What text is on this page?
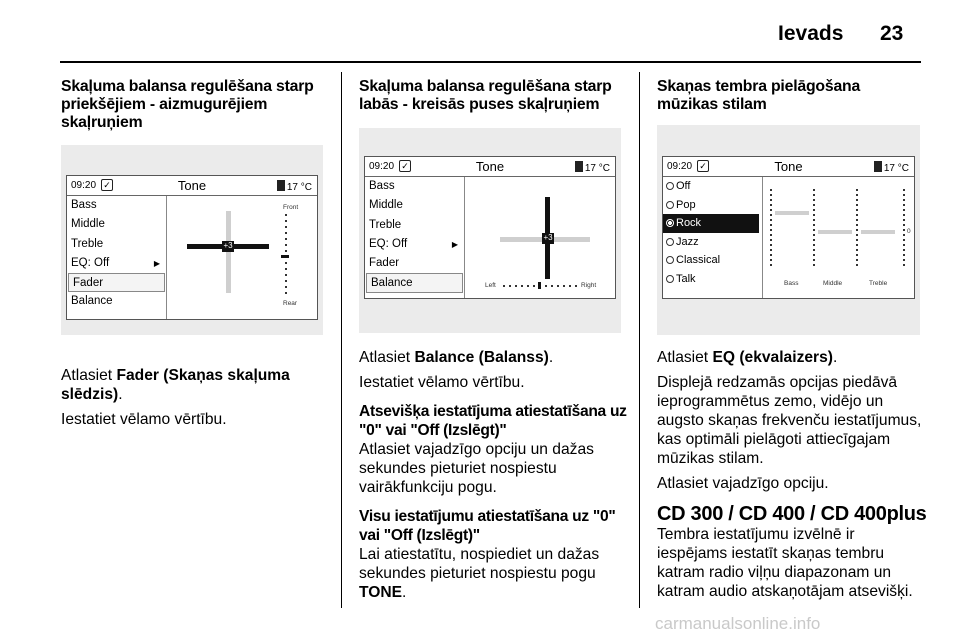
Ievads 23
Skaļuma balansa regulēšana starp priekšējiem - aizmugurējiem skaļruņiem
09:20 ✓	Tone	17 °C
Bass
Middle
Treble
EQ: Off	▶
Fader
Balance
+3
Front
Rear

Atlasiet Fader (Skaņas skaļuma slēdzis).

Iestatiet vēlamo vērtību.

Skaļuma balansa regulēšana starp labās - kreisās puses skaļruņiem
09:20 ✓	Tone	17 °C
Bass
Middle
Treble
EQ: Off	▶
Fader
Balance
+3
Left	Right

Atlasiet Balance (Balanss).

Iestatiet vēlamo vērtību.

Atsevišķa iestatījuma atiestatīšana uz "0" vai "Off (Izslēgt)"

Atlasiet vajadzīgo opciju un dažas sekundes pieturiet nospiestu vairākfunkciju pogu.

Visu iestatījumu atiestatīšana uz "0" vai "Off (Izslēgt)"

Lai atiestatītu, nospiediet un dažas sekundes pieturiet nospiestu pogu TONE.

Skaņas tembra pielāgošana mūzikas stilam
09:20 ✓	Tone	17 °C
Off
Pop
Rock
Jazz
Classical
Talk
0
Bass	Middle	Treble

Atlasiet EQ (ekvalaizers).

Displejā redzamās opcijas piedāvā ieprogrammētus zemo, vidējo un augsto skaņas frekvenču iestatījumus, kas optimāli pielāgoti attiecīgajam mūzikas stilam.

Atlasiet vajadzīgo opciju.

CD 300 / CD 400 / CD 400plus

Tembra iestatījumu izvēlnē ir iespējams iestatīt skaņas tembru katram radio viļņu diapazonam un katram audio atskaņotājam atsevišķi.

carmanualsonline.info
